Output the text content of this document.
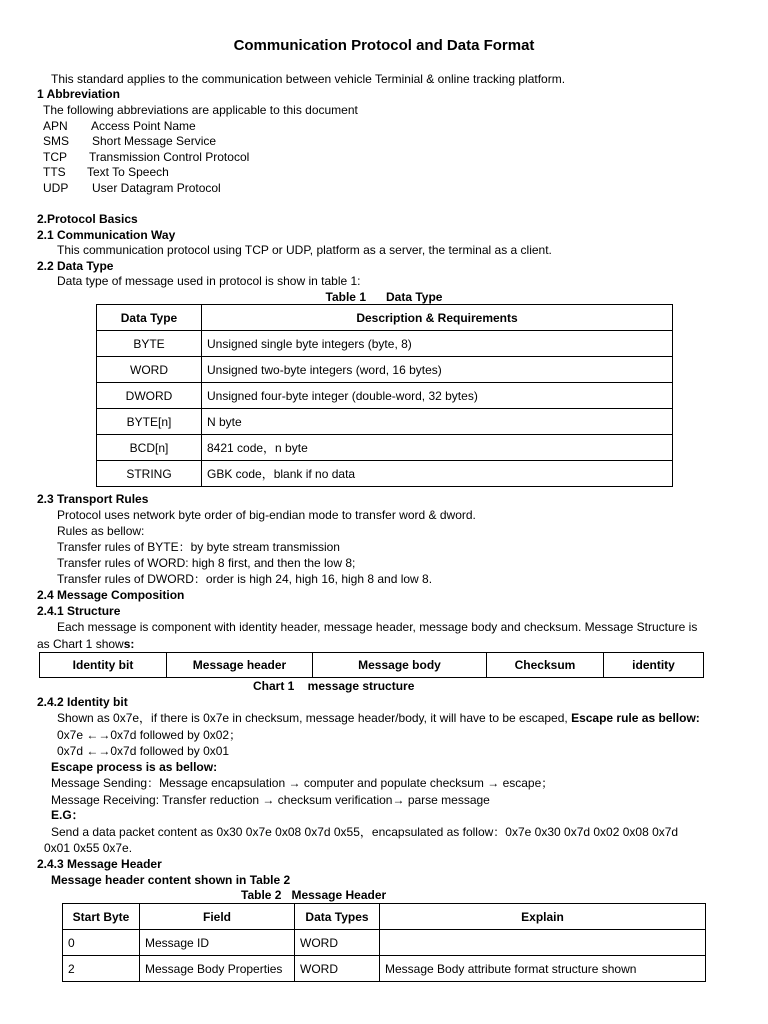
Communication Protocol and Data Format
This standard applies to the communication between vehicle Terminial & online tracking platform.
1 Abbreviation
The following abbreviations are applicable to this document
APN Access Point Name
SMS Short Message Service
TCP Transmission Control Protocol
TTS Text To Speech
UDP User Datagram Protocol
2.Protocol Basics
2.1 Communication Way
This communication protocol using TCP or UDP, platform as a server, the terminal as a client.
2.2 Data Type
Data type of message used in protocol is show in table 1:
Table 1      Data Type
Data Type	Description & Requirements
BYTE	Unsigned single byte integers (byte, 8)
WORD	Unsigned two-byte integers (word, 16 bytes)
DWORD	Unsigned four-byte integer (double-word, 32 bytes)
BYTE[n]	N byte
BCD[n]	8421 code，n byte
STRING	GBK code，blank if no data
2.3 Transport Rules
Protocol uses network byte order of big-endian mode to transfer word & dword.
Rules as bellow:
Transfer rules of BYTE：by byte stream transmission
Transfer rules of WORD: high 8 first, and then the low 8;
Transfer rules of DWORD：order is high 24, high 16, high 8 and low 8.
2.4 Message Composition
2.4.1 Structure
Each message is component with identity header, message header, message body and checksum. Message Structure is
as Chart 1 shows:
Identity bit	Message header	Message body	Checksum	identity
Chart 1    message structure
2.4.2 Identity bit
Shown as 0x7e，if there is 0x7e in checksum, message header/body, it will have to be escaped, Escape rule as bellow:
0x7e ←→0x7d followed by 0x02；
0x7d ←→0x7d followed by 0x01
Escape process is as bellow:
Message Sending：Message encapsulation → computer and populate checksum → escape；
Message Receiving: Transfer reduction → checksum verification→ parse message
E.G：
Send a data packet content as 0x30 0x7e 0x08 0x7d 0x55，encapsulated as follow：0x7e 0x30 0x7d 0x02 0x08 0x7d
0x01 0x55 0x7e.
2.4.3 Message Header
Message header content shown in Table 2
Table 2   Message Header
Start Byte	Field	Data Types	Explain
0	Message ID	WORD	
2	Message Body Properties	WORD	Message Body attribute format structure shown
